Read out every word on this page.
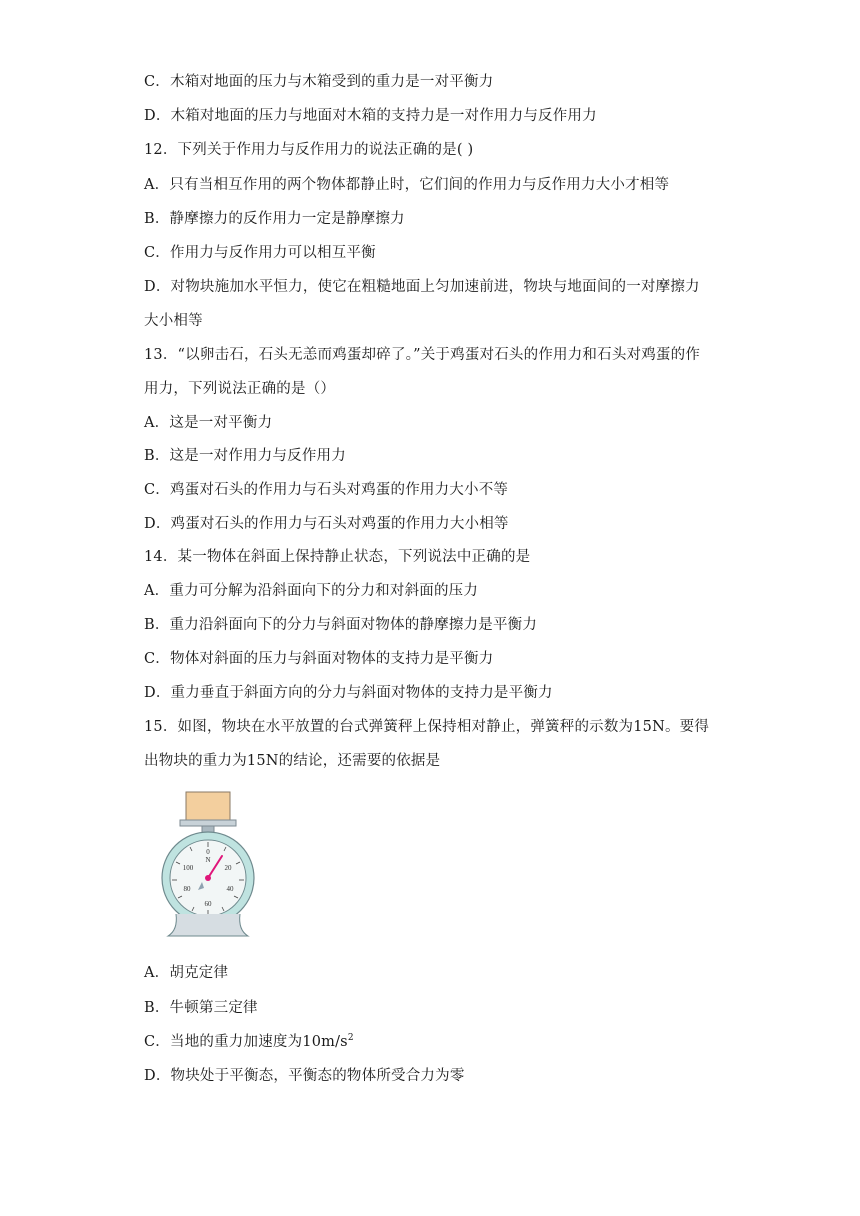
C．木箱对地面的压力与木箱受到的重力是一对平衡力
D．木箱对地面的压力与地面对木箱的支持力是一对作用力与反作用力
12．下列关于作用力与反作用力的说法正确的是( )
A．只有当相互作用的两个物体都静止时，它们间的作用力与反作用力大小才相等
B．静摩擦力的反作用力一定是静摩擦力
C．作用力与反作用力可以相互平衡
D．对物块施加水平恒力，使它在粗糙地面上匀加速前进，物块与地面间的一对摩擦力
大小相等
13．“以卵击石，石头无恙而鸡蛋却碎了。”关于鸡蛋对石头的作用力和石头对鸡蛋的作
用力，下列说法正确的是（）
A．这是一对平衡力
B．这是一对作用力与反作用力
C．鸡蛋对石头的作用力与石头对鸡蛋的作用力大小不等
D．鸡蛋对石头的作用力与石头对鸡蛋的作用力大小相等
14．某一物体在斜面上保持静止状态，下列说法中正确的是
A．重力可分解为沿斜面向下的分力和对斜面的压力
B．重力沿斜面向下的分力与斜面对物体的静摩擦力是平衡力
C．物体对斜面的压力与斜面对物体的支持力是平衡力
D．重力垂直于斜面方向的分力与斜面对物体的支持力是平衡力
15．如图，物块在水平放置的台式弹簧秤上保持相对静止，弹簧秤的示数为15N。要得
出物块的重力为15N的结论，还需要的依据是
0
N
20
40
60
80
100
A．胡克定律
B．牛顿第三定律
C．当地的重力加速度为$10m/s^2$
D．物块处于平衡态，平衡态的物体所受合力为零
